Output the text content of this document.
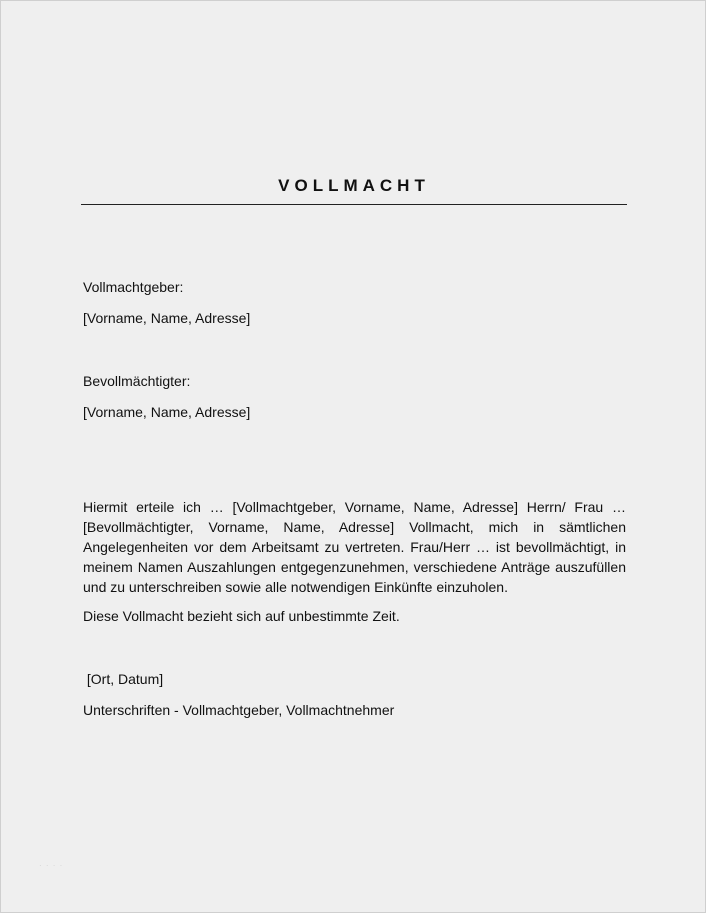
VOLLMACHT
Vollmachtgeber:
[Vorname, Name, Adresse]
Bevollmächtigter:
[Vorname, Name, Adresse]

Hiermit erteile ich … [Vollmachtgeber, Vorname, Name, Adresse] Herrn/ Frau … [Bevollmächtigter, Vorname, Name, Adresse] Vollmacht, mich in sämtlichen Angelegenheiten vor dem Arbeitsamt zu vertreten. Frau/Herr … ist bevollmächtigt, in meinem Namen Auszahlungen entgegenzunehmen, verschiedene Anträge auszufüllen und zu unterschreiben sowie alle notwendigen Einkünfte einzuholen.

Diese Vollmacht bezieht sich auf unbestimmte Zeit.
[Ort, Datum]
Unterschriften - Vollmachtgeber, Vollmachtnehmer
· · · ·
